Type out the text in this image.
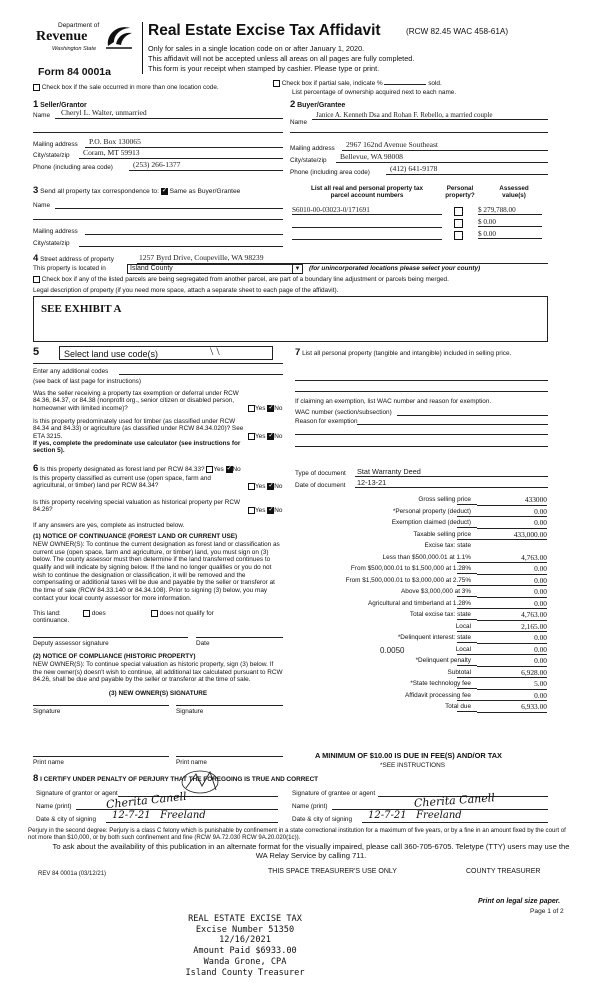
Department of
Revenue
Washington State
Form 84 0001a
Real Estate Excise Tax Affidavit	(RCW 82.45 WAC 458-61A)
Only for sales in a single location code on or after January 1, 2020.
This affidavit will not be accepted unless all areas on all pages are fully completed.
This form is your receipt when stamped by cashier. Please type or print.
Check box if the sale occurred in more than one location code.
Check box if partial sale, indicate %	sold.
List percentage of ownership acquired next to each name.
1 Seller/Grantor
Name	Cheryl L. Walter, unmarried
Mailing address	P.O. Box 130065
City/state/zip	Coram, MT 59913
Phone (including area code)	(253) 266-1377
2 Buyer/Grantee
Name
Janice A. Kenneth Dsa and Rohan F. Rebello, a married couple
Mailing address	2967 162nd Avenue Southeast
City/state/zip	Bellevue, WA 98008
Phone (including area code)	(412) 641-9178
3 Send all property tax correspondence to: ✓ Same as Buyer/Grantee
Name
Mailing address
City/state/zip
List all real and personal property tax
parcel account numbers
Personal
property?
Assessed
value(s)
S6010-00-03023-0/171691	$ 279,788.00
$ 0.00
$ 0.00
4 Street address of property	1257 Byrd Drive, Coupeville, WA 98239
This property is located in	Island County	▼ (for unincorporated locations please select your county)
Check box if any of the listed parcels are being segregated from another parcel, are part of a boundary line adjustment or parcels being merged.
Legal description of property (if you need more space, attach a separate sheet to each page of the affidavit).
SEE EXHIBIT A
5	Select land use code(s)	\ \
Enter any additional codes
(see back of last page for instructions)
Was the seller receiving a property tax exemption or deferral under RCW 84.36, 84.37, or 84.38 (nonprofit org., senior citizen or disabled person, homeowner with limited income)?	Yes ✓ No
Is this property predominately used for timber (as classified under RCW 84.34 and 84.33) or agriculture (as classified under RCW 84.34.020)? See ETA 3215.	Yes ✓ No
If yes, complete the predominate use calculator (see instructions for section 5).
6 Is this property designated as forest land per RCW 84.33? Yes ✓ No
Is this property classified as current use (open space, farm and agricultural, or timber) land per RCW 84.34?	Yes ✓ No
Is this property receiving special valuation as historical property per RCW 84.26?	Yes ✓ No
If any answers are yes, complete as instructed below.
(1) NOTICE OF CONTINUANCE (FOREST LAND OR CURRENT USE)
NEW OWNER(S): To continue the current designation as forest land or classification as current use (open space, farm and agriculture, or timber) land, you must sign on (3) below. The county assessor must then determine if the land transferred continues to qualify and will indicate by signing below. If the land no longer qualifies or you do not wish to continue the designation or classification, it will be removed and the compensating or additional taxes will be due and payable by the seller or transferor at the time of sale (RCW 84.33.140 or 84.34.108). Prior to signing (3) below, you may contact your local county assessor for more information.
This land:	does	does not qualify for
continuance.
Deputy assessor signature	Date
(2) NOTICE OF COMPLIANCE (HISTORIC PROPERTY)
NEW OWNER(S): To continue special valuation as historic property, sign (3) below. If the new owner(s) doesn't wish to continue, all additional tax calculated pursuant to RCW 84.26, shall be due and payable by the seller or transferor at the time of sale.
(3) NEW OWNER(S) SIGNATURE
Signature	Signature
Print name	Print name
7 List all personal property (tangible and intangible) included in selling price.
If claiming an exemption, list WAC number and reason for exemption.
WAC number (section/subsection)
Reason for exemption
Type of document Stat Warranty Deed
Date of document 12-13-21
Gross selling price	433000
*Personal property (deduct)	0.00
Exemption claimed (deduct)	0.00
Taxable selling price	433,000.00
Excise tax: state
Less than $500,000.01 at 1.1%	4,763.00
From $500,000.01 to $1,500,000 at 1.28%	0.00
From $1,500,000.01 to $3,000,000 at 2.75%	0.00
Above $3,000,000 at 3%	0.00
Agricultural and timberland at 1.28%	0.00
Total excise tax: state	4,763.00
Local	2,165.00
*Delinquent interest: state	0.00
Local	0.00
*Delinquent penalty	0.00
Subtotal	6,928.00
*State technology fee	5.00
Affidavit processing fee	0.00
Total due	6,933.00
0.0050
A MINIMUM OF $10.00 IS DUE IN FEE(S) AND/OR TAX
*SEE INSTRUCTIONS
8 I CERTIFY UNDER PENALTY OF PERJURY THAT THE FOREGOING IS TRUE AND CORRECT
Signature of grantor or agent
Name (print)	Cherita Canell
Date & city of signing 12-7-21   Freeland
Signature of grantee or agent
Name (print)	Cherita Canell
Date & city of signing 12-7-21   Freeland
Perjury in the second degree: Perjury is a class C felony which is punishable by confinement in a state correctional institution for a maximum of five years, or by a fine in an amount fixed by the court of not more than $10,000, or by both such confinement and fine (RCW 9A.72.030 RCW 9A.20.020(1c)).
To ask about the availability of this publication in an alternate format for the visually impaired, please call 360-705-6705. Teletype (TTY) users may use the WA Relay Service by calling 711.
REV 84 0001a (03/12/21)	THIS SPACE TREASURER'S USE ONLY	COUNTY TREASURER
Print on legal size paper.
Page 1 of 2
REAL ESTATE EXCISE TAX
Excise Number 51350
12/16/2021
Amount Paid $6933.00
Wanda Grone, CPA
Island County Treasurer
